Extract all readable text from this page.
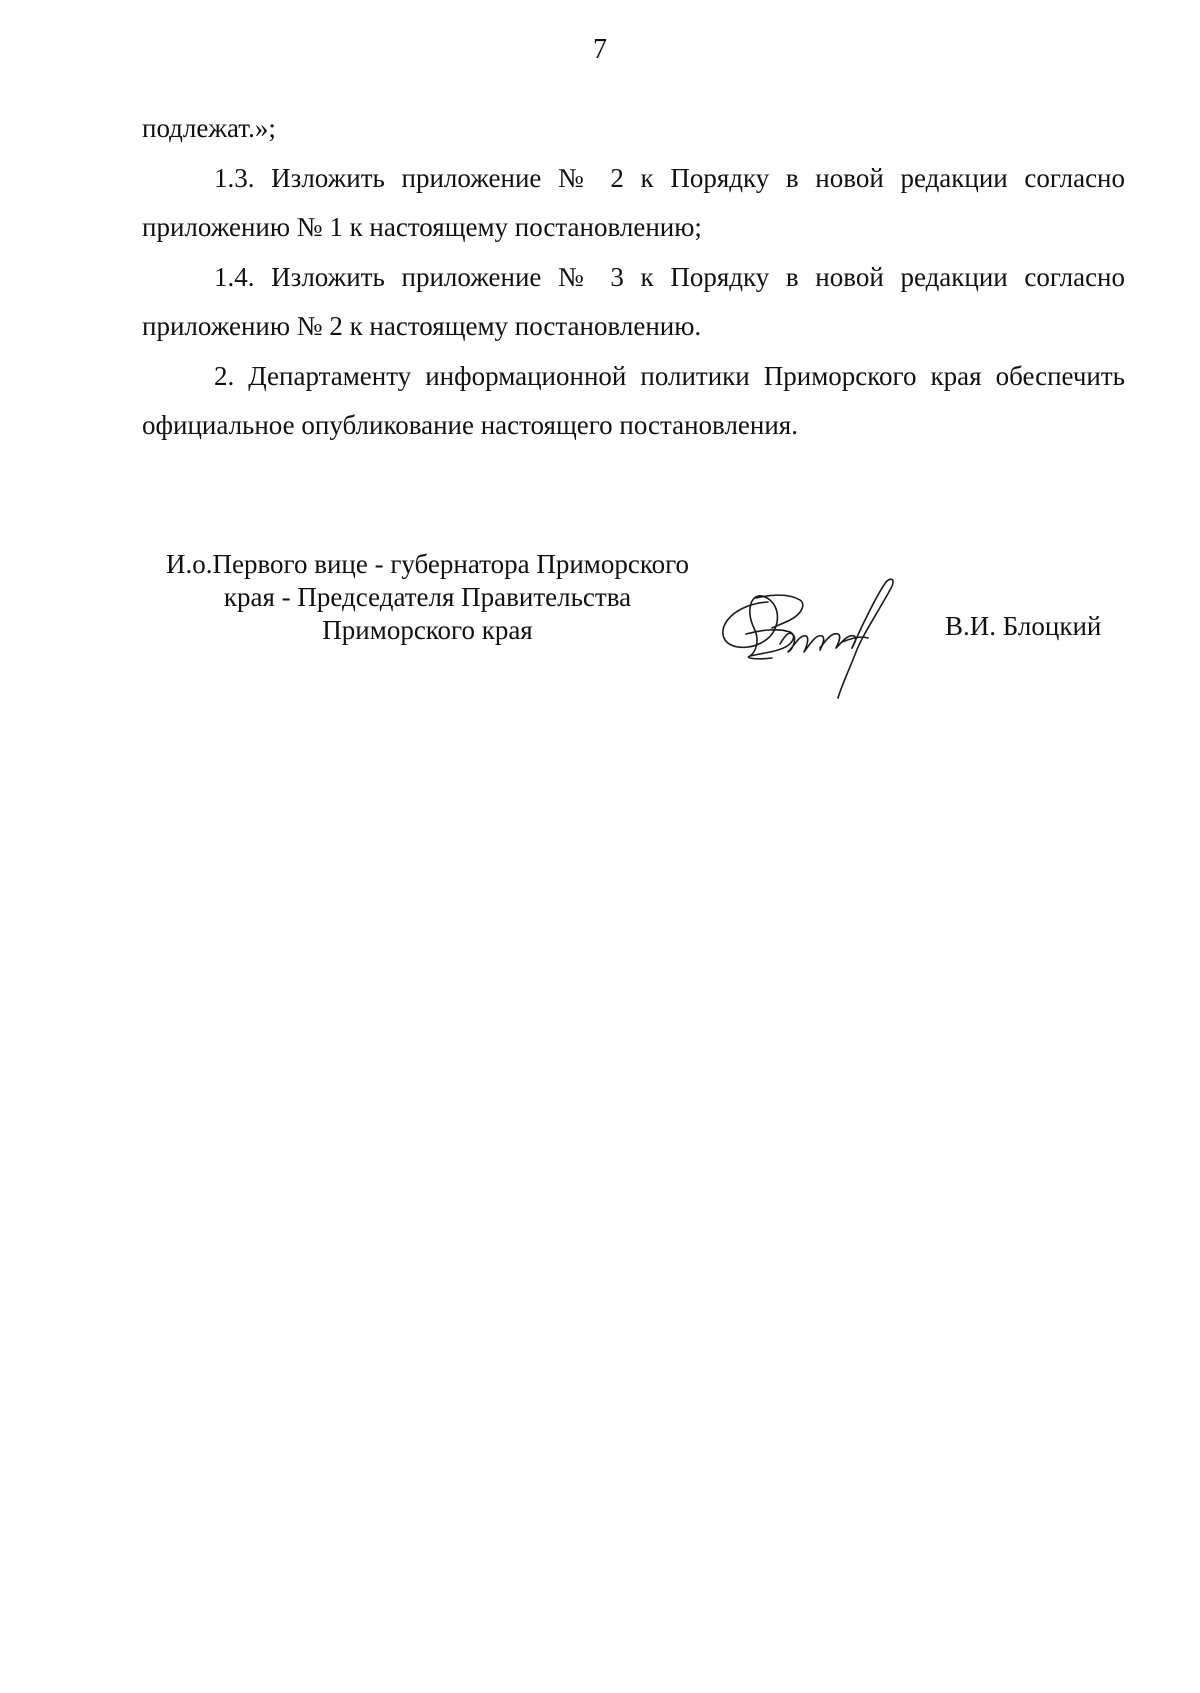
7

подлежат.»;

1.3. Изложить приложение № 2 к Порядку в новой редакции согласно приложению № 1 к настоящему постановлению;

1.4. Изложить приложение № 3 к Порядку в новой редакции согласно приложению № 2 к настоящему постановлению.

2. Департаменту информационной политики Приморского края обеспечить официальное опубликование настоящего постановления.

И.о.Первого вице - губернатора Приморского
края - Председателя Правительства
Приморского края	В.И. Блоцкий
